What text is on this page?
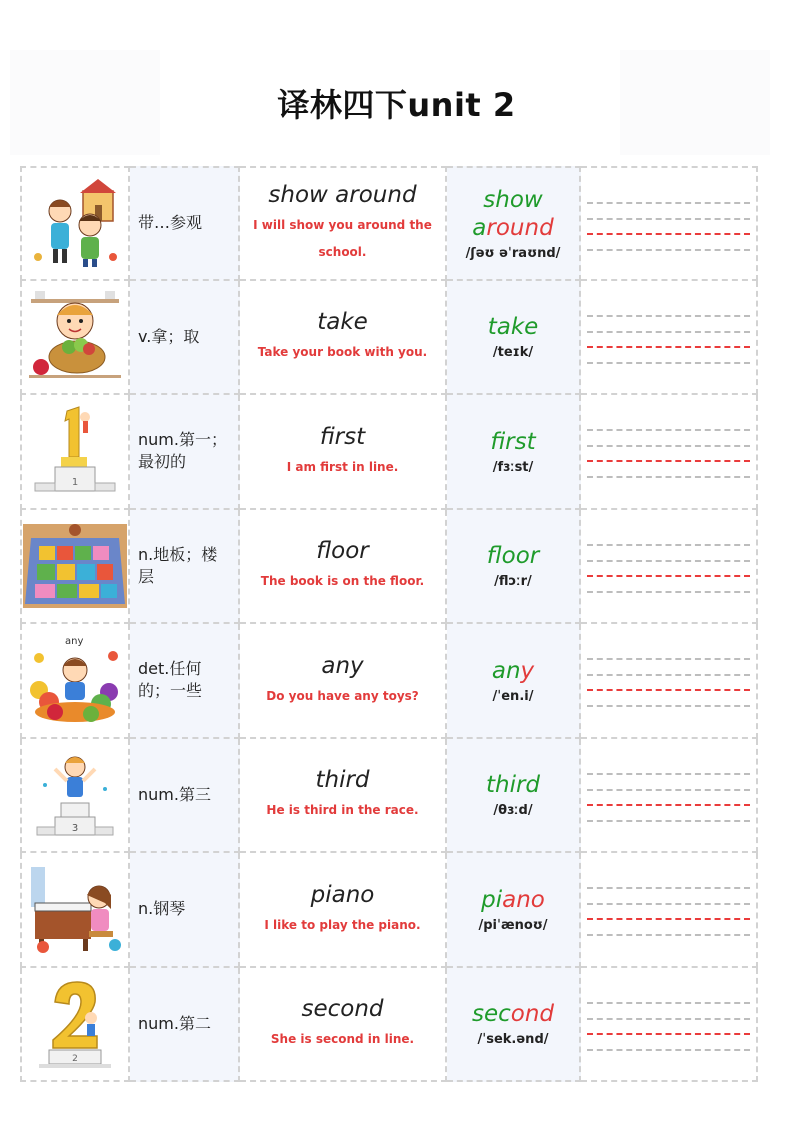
译林四下unit 2
带…参观
show around
I will show you around the school.
show
around
/ʃəʊ əˈraʊnd/
v.拿；取
take
Take your book with you.
take
/teɪk/
1
num.第一；最初的
first
I am first in line.
first
/fɜːst/
n.地板；楼层
floor
The book is on the floor.
floor
/flɔːr/
any
det.任何的；一些
any
Do you have any toys?
any
/ˈen.i/
3
num.第三
third
He is third in the race.
third
/θɜːd/
n.钢琴
piano
I like to play the piano.
piano
/piˈænoʊ/
2
num.第二
second
She is second in line.
second
/ˈsek.ənd/
